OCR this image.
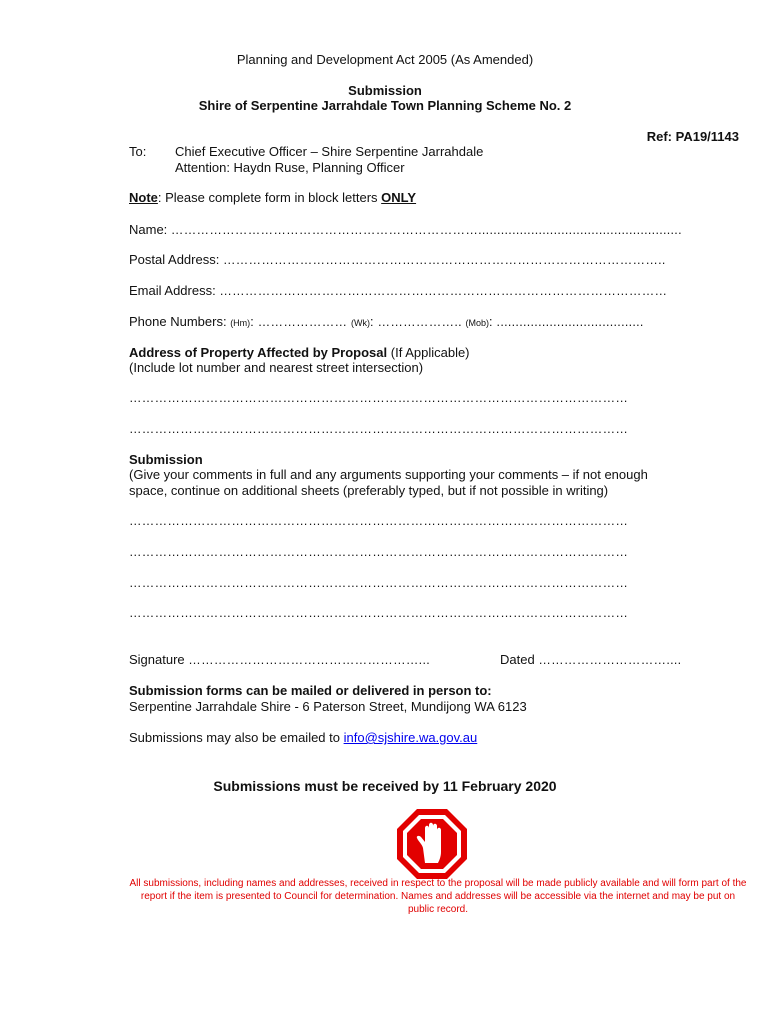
Planning and Development Act 2005 (As Amended)
Submission
Shire of Serpentine Jarrahdale Town Planning Scheme No. 2
Ref: PA19/1143
To: Chief Executive Officer – Shire Serpentine Jarrahdale
Attention: Haydn Ruse, Planning Officer
Note: Please complete form in block letters ONLY
Name: ………………………………………………………………......................................................
Postal Address: …………………………………………………………………………………………..
Email Address: ……………………………………………………………………………………………
Phone Numbers: (Hm): ………………… (Wk): ……………….. (Mob): .......................................
Address of Property Affected by Proposal (If Applicable)
(Include lot number and nearest street intersection)
………………………………………………………………………………………………………
………………………………………………………………………………………………………
Submission
(Give your comments in full and any arguments supporting your comments – if not enough
space, continue on additional sheets (preferably typed, but if not possible in writing)
………………………………………………………………………………………………………
………………………………………………………………………………………………………
………………………………………………………………………………………………………
………………………………………………………………………………………………………
Signature ………………………………………………...	Dated …………………………....
Submission forms can be mailed or delivered in person to:
Serpentine Jarrahdale Shire - 6 Paterson Street, Mundijong WA 6123
Submissions may also be emailed to info@sjshire.wa.gov.au
Submissions must be received by 11 February 2020
All submissions, including names and addresses, received in respect to the proposal will be made publicly available and will form part of the report if the item is presented to Council for determination. Names and addresses will be accessible via the internet and may be put on public record.
